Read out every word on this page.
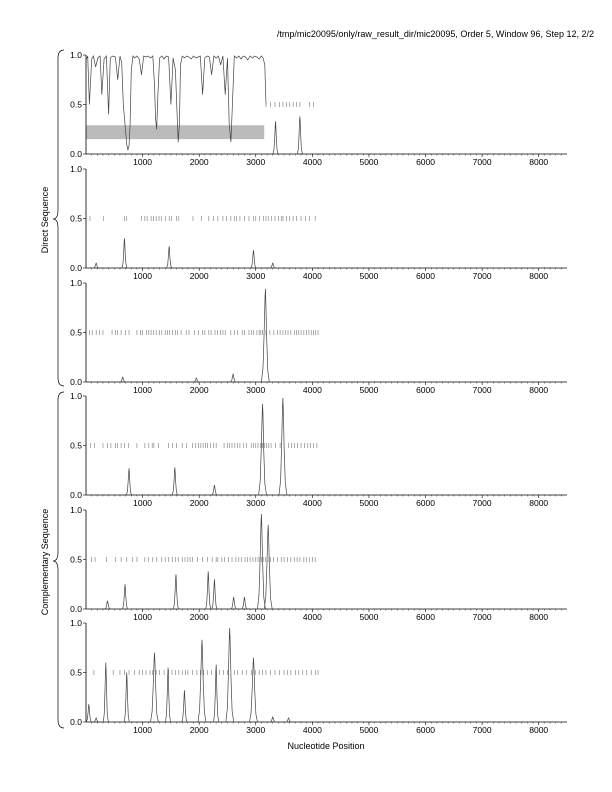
/tmp/mic20095/only/raw_result_dir/mic20095, Order 5, Window 96, Step 12, 2/2
Nucleotide Position
Direct Sequence
Complementary Sequence
0.0
0.5
1.0
1000	2000	3000	4000	5000	6000	7000	8000
0.0
0.5
1.0
1000	2000	3000	4000	5000	6000	7000	8000
0.0
0.5
1.0
1000	2000	3000	4000	5000	6000	7000	8000
0.0
0.5
1.0
1000	2000	3000	4000	5000	6000	7000	8000
0.0
0.5
1.0
1000	2000	3000	4000	5000	6000	7000	8000
0.0
0.5
1.0
1000	2000	3000	4000	5000	6000	7000	8000
